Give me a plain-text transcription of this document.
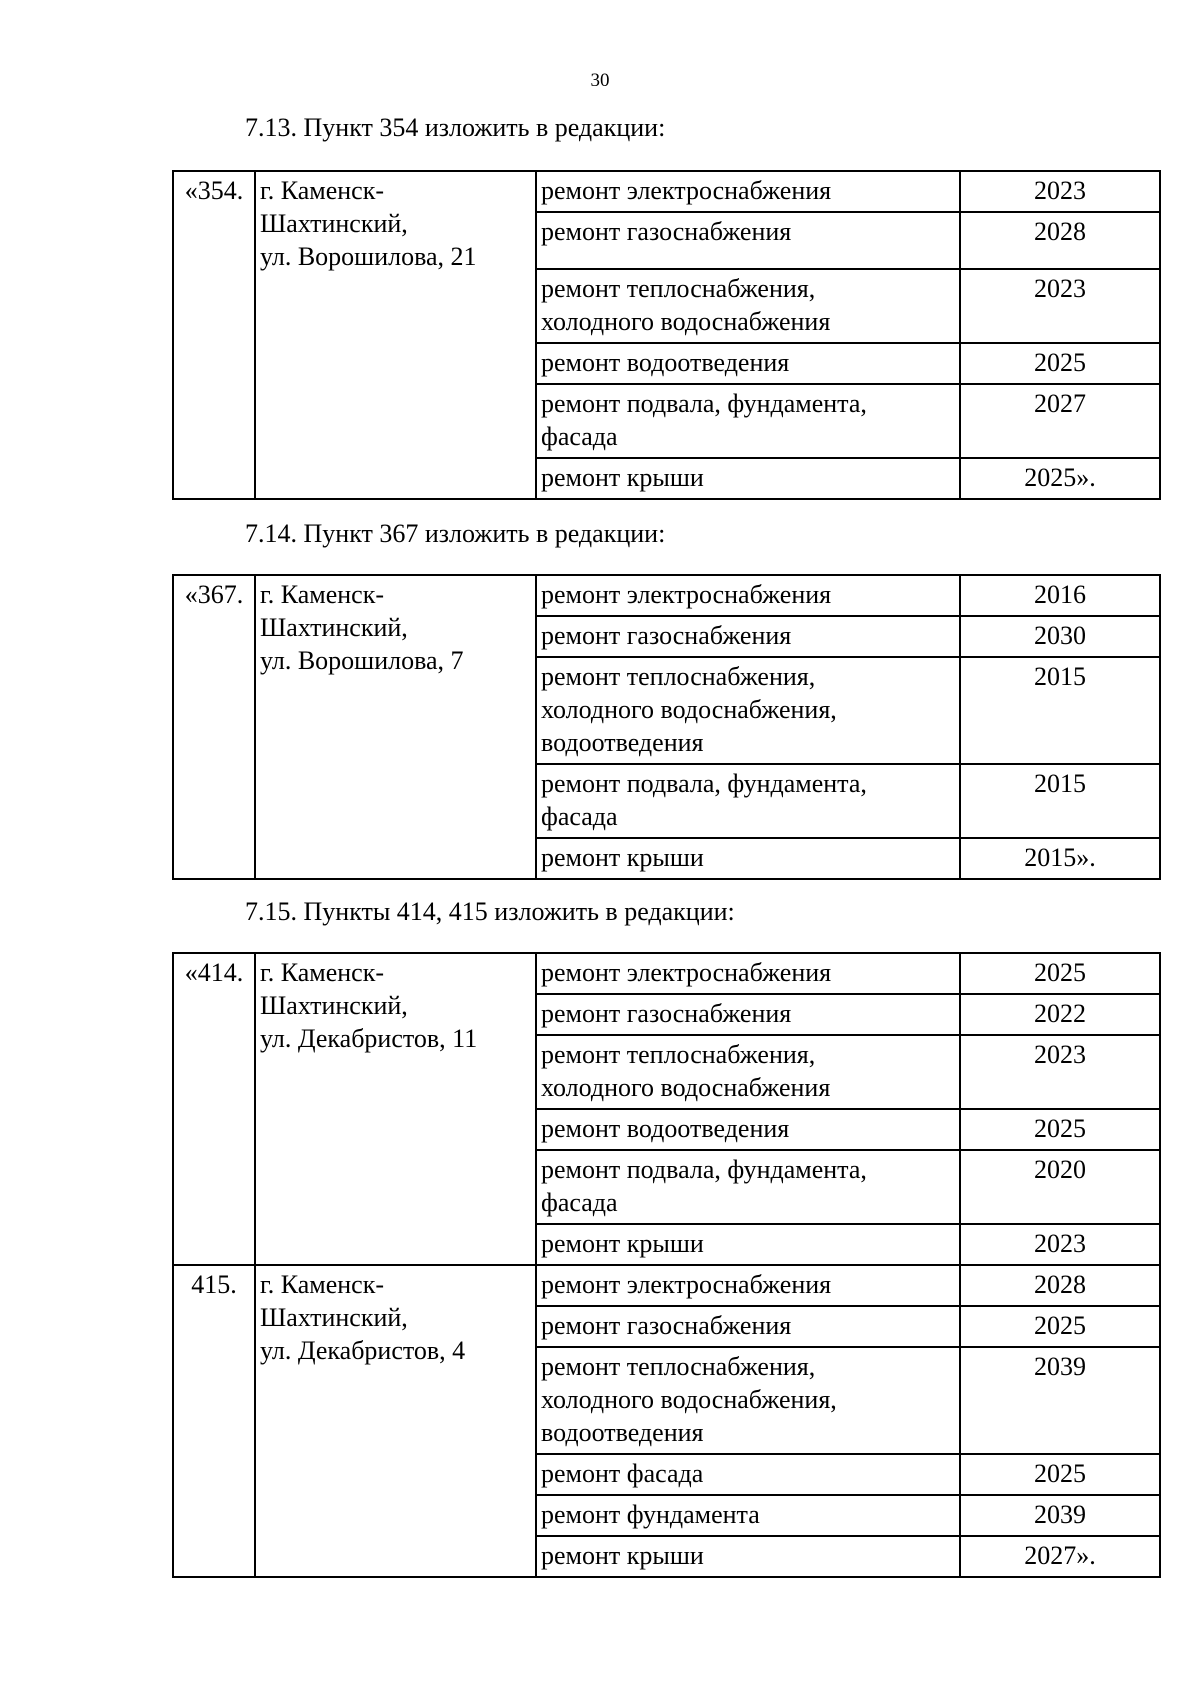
30
7.13. Пункт 354 изложить в редакции:
«354.	г. Каменск-
Шахтинский,
ул. Ворошилова, 21	ремонт электроснабжения	2023

		ремонт газоснабжения	2028

		ремонт теплоснабжения,
холодного водоснабжения	2023

		ремонт водоотведения	2025

		ремонт подвала, фундамента,
фасада	2027

		ремонт крыши	2025».
7.14. Пункт 367 изложить в редакции:
«367.	г. Каменск-
Шахтинский,
ул. Ворошилова, 7	ремонт электроснабжения	2016

		ремонт газоснабжения	2030

		ремонт теплоснабжения,
холодного водоснабжения,
водоотведения	2015

		ремонт подвала, фундамента,
фасада	2015

		ремонт крыши	2015».
7.15. Пункты 414, 415 изложить в редакции:
«414.	г. Каменск-
Шахтинский,
ул. Декабристов, 11	ремонт электроснабжения	2025

		ремонт газоснабжения	2022

		ремонт теплоснабжения,
холодного водоснабжения	2023

		ремонт водоотведения	2025

		ремонт подвала, фундамента,
фасада	2020

		ремонт крыши	2023
415.	г. Каменск-
Шахтинский,
ул. Декабристов, 4	ремонт электроснабжения	2028

		ремонт газоснабжения	2025

		ремонт теплоснабжения,
холодного водоснабжения,
водоотведения	2039

		ремонт фасада	2025

		ремонт фундамента	2039

		ремонт крыши	2027».
